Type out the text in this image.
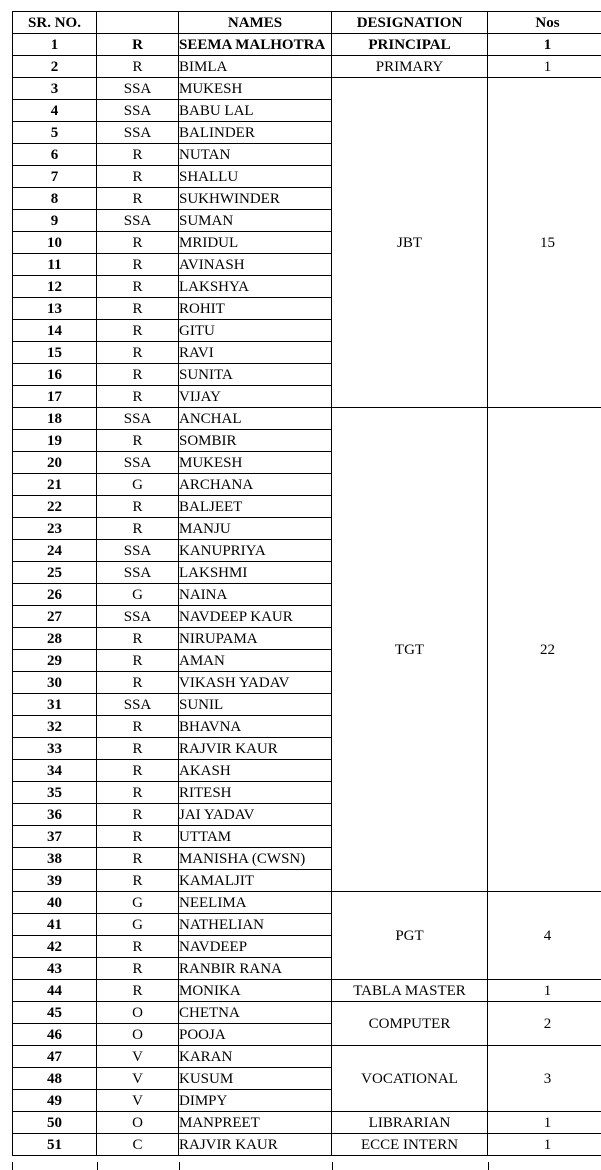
SR. NO.		NAMES	DESIGNATION	Nos
1	R	SEEMA MALHOTRA	PRINCIPAL	1
2	R	BIMLA	PRIMARY	1
3	SSA	MUKESH	JBT	15
4	SSA	BABU LAL		
5	SSA	BALINDER		
6	R	NUTAN		
7	R	SHALLU		
8	R	SUKHWINDER		
9	SSA	SUMAN		
10	R	MRIDUL		
11	R	AVINASH		
12	R	LAKSHYA		
13	R	ROHIT		
14	R	GITU		
15	R	RAVI		
16	R	SUNITA		
17	R	VIJAY		
18	SSA	ANCHAL	TGT	22
19	R	SOMBIR		
20	SSA	MUKESH		
21	G	ARCHANA		
22	R	BALJEET		
23	R	MANJU		
24	SSA	KANUPRIYA		
25	SSA	LAKSHMI		
26	G	NAINA		
27	SSA	NAVDEEP KAUR		
28	R	NIRUPAMA		
29	R	AMAN		
30	R	VIKASH YADAV		
31	SSA	SUNIL		
32	R	BHAVNA		
33	R	RAJVIR KAUR		
34	R	AKASH		
35	R	RITESH		
36	R	JAI YADAV		
37	R	UTTAM		
38	R	MANISHA (CWSN)		
39	R	KAMALJIT		
40	G	NEELIMA	PGT	4
41	G	NATHELIAN		
42	R	NAVDEEP		
43	R	RANBIR RANA		
44	R	MONIKA	TABLA MASTER	1
45	O	CHETNA	COMPUTER	2
46	O	POOJA		
47	V	KARAN	VOCATIONAL	3
48	V	KUSUM		
49	V	DIMPY		
50	O	MANPREET	LIBRARIAN	1
51	C	RAJVIR KAUR	ECCE INTERN	1
